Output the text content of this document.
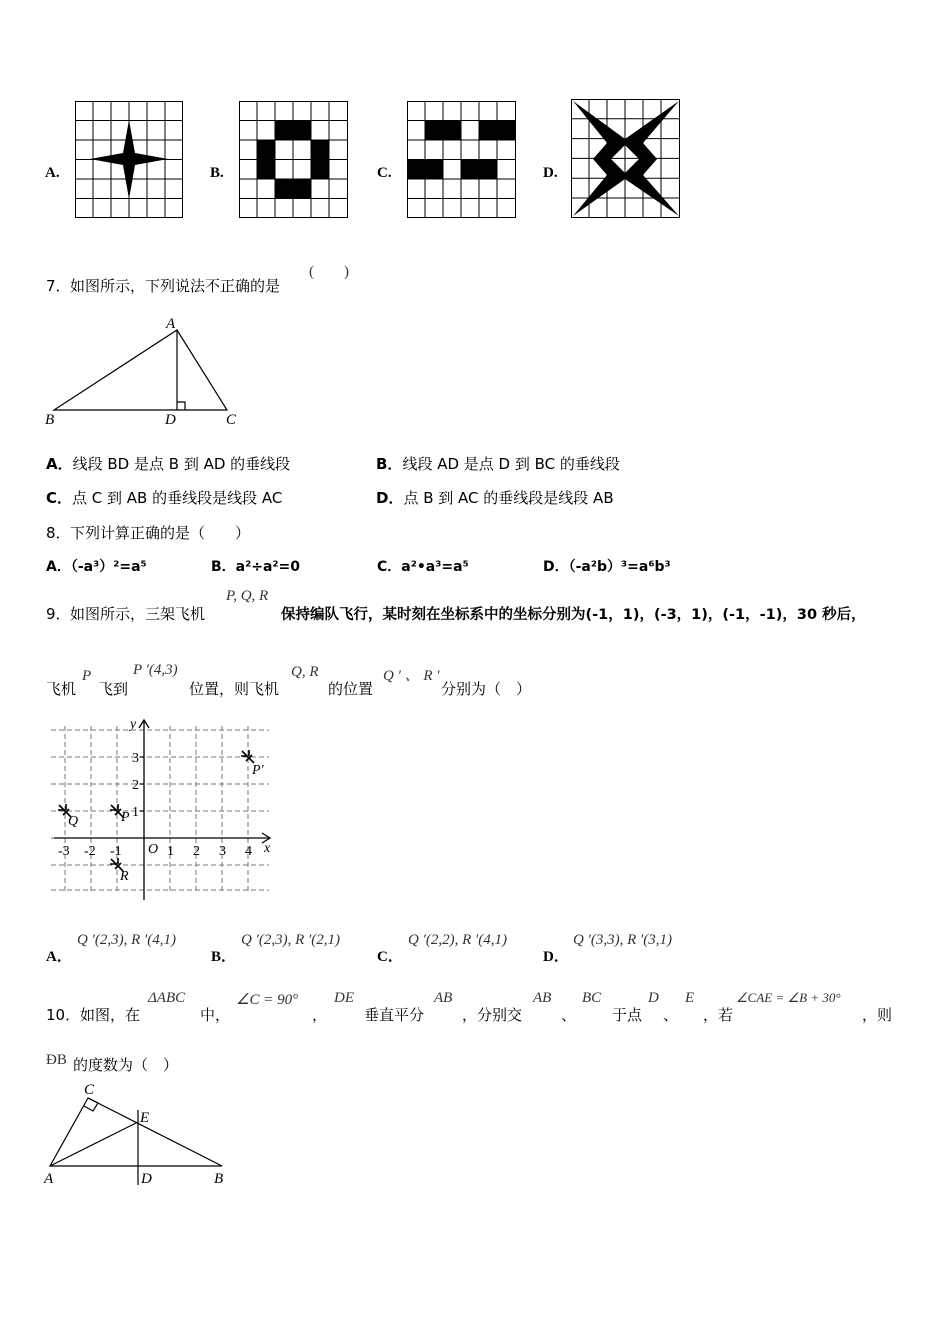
A.	B.	C.	D.
7． 如图所示，下列说法不正确的是
(　　)
A
B	D	C
A．线段 BD 是点 B 到 AD 的垂线段	B．线段 AD 是点 D 到 BC 的垂线段
C．点 C 到 AB 的垂线段是线段 AC	D．点 B 到 AC 的垂线段是线段 AB
8． 下列计算正确的是（　　）
A．（-a³）²=a⁵	B．a²÷a²=0	C．a²•a³=a⁵	D．（-a²b）³=a⁶b³
9． 如图所示，三架飞机
P, Q, R
保持编队飞行，某时刻在坐标系中的坐标分别为(-1，1)，(-3，1)，(-1，-1)，30 秒后，
飞机
P
飞到
P ′(4,3)
位置，则飞机
Q, R
的位置
Q ′ 、 R ′
分别为（　）
y
x
O
-3 -2 -1	1 2 3 4
3
2
1
Q	P
R
P′
A．
Q ′(2,3), R ′(4,1)
B．
Q ′(2,3), R ′(2,1)
C．
Q ′(2,2), R ′(4,1)
D．
Q ′(3,3), R ′(3,1)
10． 如图，在
ΔABC
中，
∠C = 90°
，
DE
垂直平分
AB
，分别交
AB
、
BC
于点
D
、
E
，若
∠CAE = ∠B + 30°
，则
ÐB 的度数为（　）
C
E
A	D	B
